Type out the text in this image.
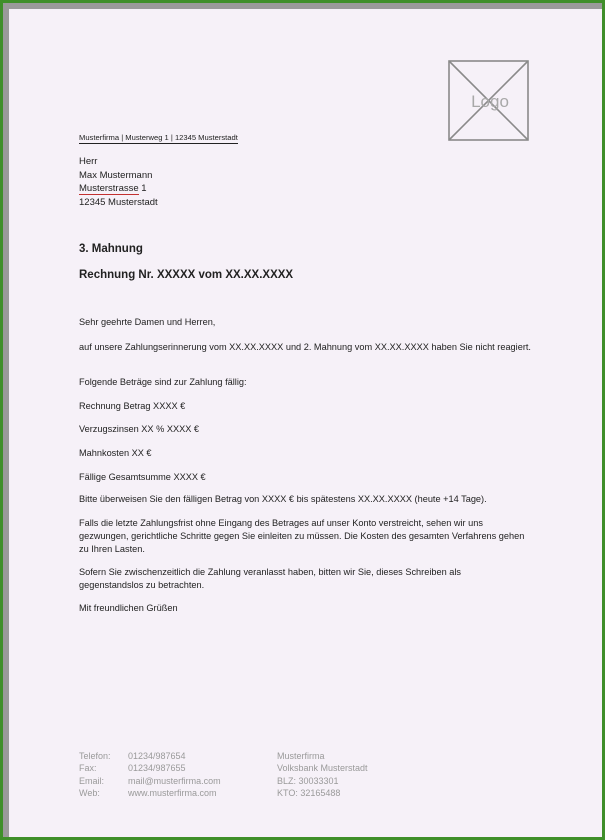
Logo
Musterfirma | Musterweg 1 | 12345 Musterstadt
Herr
Max Mustermann
Musterstrasse 1
12345 Musterstadt
3. Mahnung
Rechnung Nr. XXXXX vom XX.XX.XXXX
Sehr geehrte Damen und Herren,
auf unsere Zahlungserinnerung vom XX.XX.XXXX und 2. Mahnung vom XX.XX.XXXX haben Sie nicht reagiert.
Folgende Beträge sind zur Zahlung fällig:
Rechnung Betrag XXXX €
Verzugszinsen XX % XXXX €
Mahnkosten XX €
Fällige Gesamtsumme XXXX €
Bitte überweisen Sie den fälligen Betrag von XXXX € bis spätestens XX.XX.XXXX (heute +14 Tage).
Falls die letzte Zahlungsfrist ohne Eingang des Betrages auf unser Konto verstreicht, sehen wir uns gezwungen, gerichtliche Schritte gegen Sie einleiten zu müssen. Die Kosten des gesamten Verfahrens gehen zu Ihren Lasten.
Sofern Sie zwischenzeitlich die Zahlung veranlasst haben, bitten wir Sie, dieses Schreiben als gegenstandslos zu betrachten.
Mit freundlichen Grüßen
Telefon:	01234/987654
Fax:	01234/987655
Email:	mail@musterfirma.com
Web:	www.musterfirma.com
Musterfirma
Volksbank Musterstadt
BLZ: 30033301
KTO: 32165488
